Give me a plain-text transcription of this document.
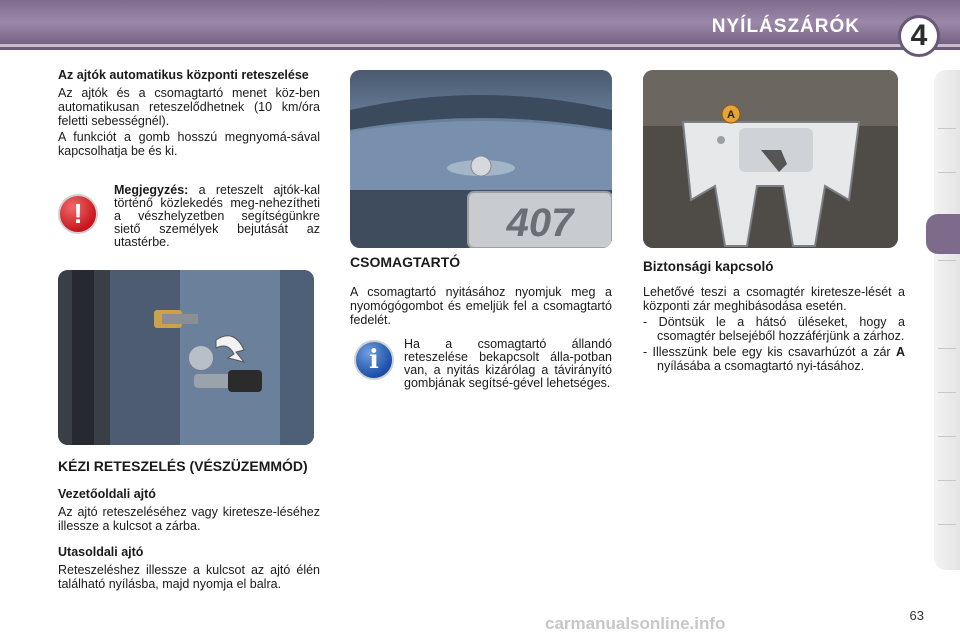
NYÍLÁSZÁRÓK	4
Az ajtók automatikus központi reteszelése

Az ajtók és a csomagtartó menet köz-ben automatikusan reteszelődhetnek (10 km/óra feletti sebességnél).

A funkciót a gomb hosszú megnyomá-sával kapcsolhatja be és ki.

!
Megjegyzés: a reteszelt ajtók-kal történő közlekedés meg-nehezítheti a vészhelyzetben segítségünkre siető személyek bejutását az utastérbe.
KÉZI RETESZELÉS (VÉSZÜZEMMÓD)
Vezetőoldali ajtó

Az ajtó reteszeléséhez vagy kiretesze-léséhez illessze a kulcsot a zárba.

Utasoldali ajtó

Reteszeléshez illessze a kulcsot az ajtó élén található nyílásba, majd nyomja el balra.

407
CSOMAGTARTÓ

A csomagtartó nyitásához nyomjuk meg a nyomógógombot és emeljük fel a csomagtartó fedelét.

i
Ha a csomagtartó állandó reteszelése bekapcsolt álla-potban van, a nyitás kizárólag a távirányító gombjának segítsé-gével lehetséges.
A
Biztonsági kapcsoló

Lehetővé teszi a csomagtér kiretesze-lését a központi zár meghibásodása esetén.

- Döntsük le a hátsó üléseket, hogy a csomagtér belsejéből hozzáférjünk a zárhoz.

- Illesszünk bele egy kis csavarhúzót a zár A nyílásába a csomagtartó nyi-tásához.

63
carmanualsonline.info
